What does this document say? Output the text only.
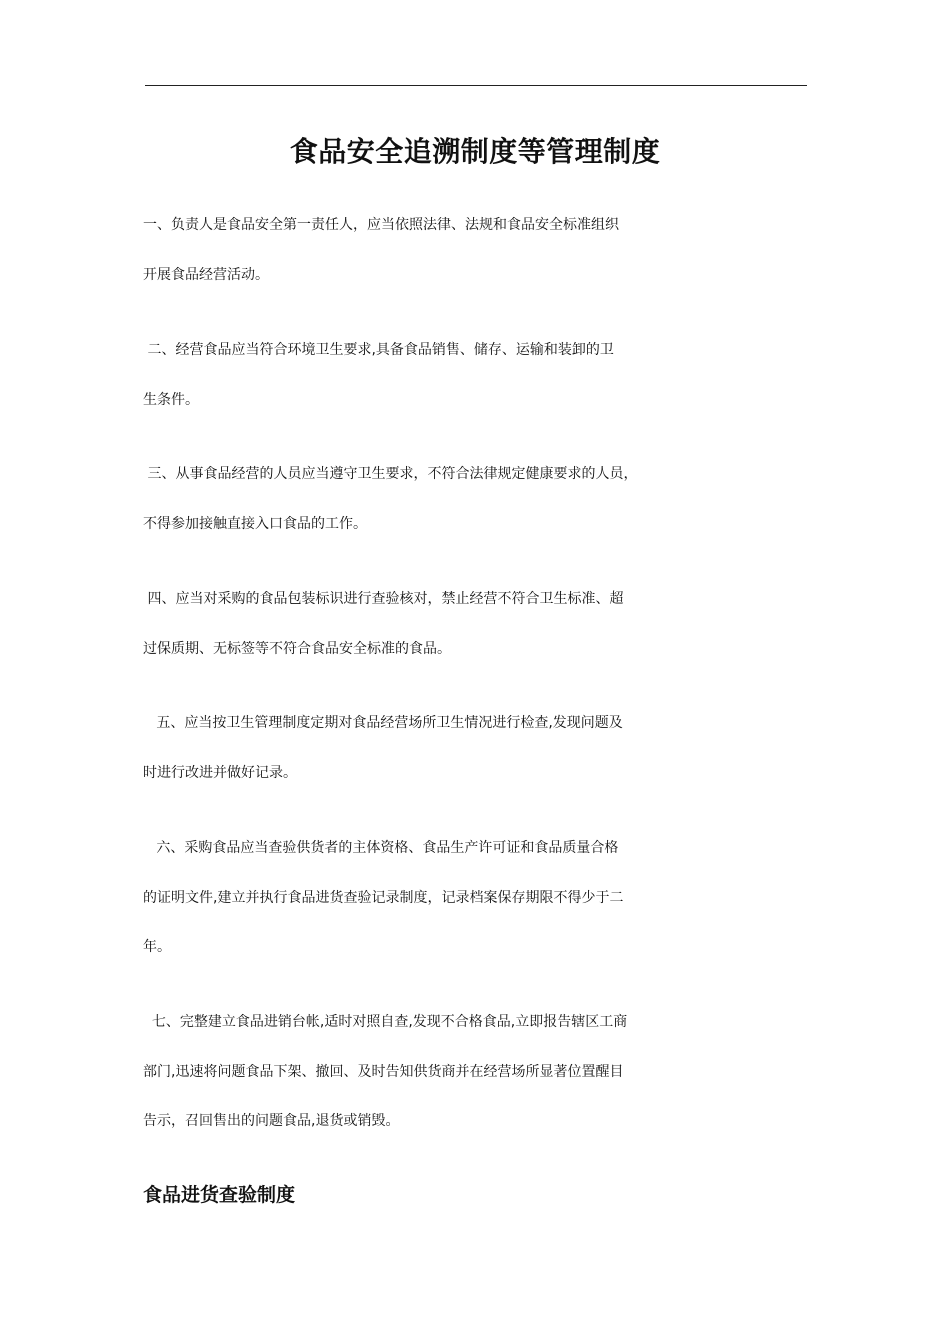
食品安全追溯制度等管理制度
一、负责人是食品安全第一责任人，应当依照法律、法规和食品安全标准组织
开展食品经营活动。
二、经营食品应当符合环境卫生要求,具备食品销售、储存、运输和装卸的卫
生条件。
三、从事食品经营的人员应当遵守卫生要求，不符合法律规定健康要求的人员，
不得参加接触直接入口食品的工作。
四、应当对采购的食品包装标识进行查验核对，禁止经营不符合卫生标准、超
过保质期、无标签等不符合食品安全标准的食品。
五、应当按卫生管理制度定期对食品经营场所卫生情况进行检查,发现问题及
时进行改进并做好记录。
六、采购食品应当查验供货者的主体资格、食品生产许可证和食品质量合格
的证明文件,建立并执行食品进货查验记录制度，记录档案保存期限不得少于二
年。
七、完整建立食品进销台帐,适时对照自查,发现不合格食品,立即报告辖区工商
部门,迅速将问题食品下架、撤回、及时告知供货商并在经营场所显著位置醒目
告示，召回售出的问题食品,退货或销毁。
食品进货查验制度
